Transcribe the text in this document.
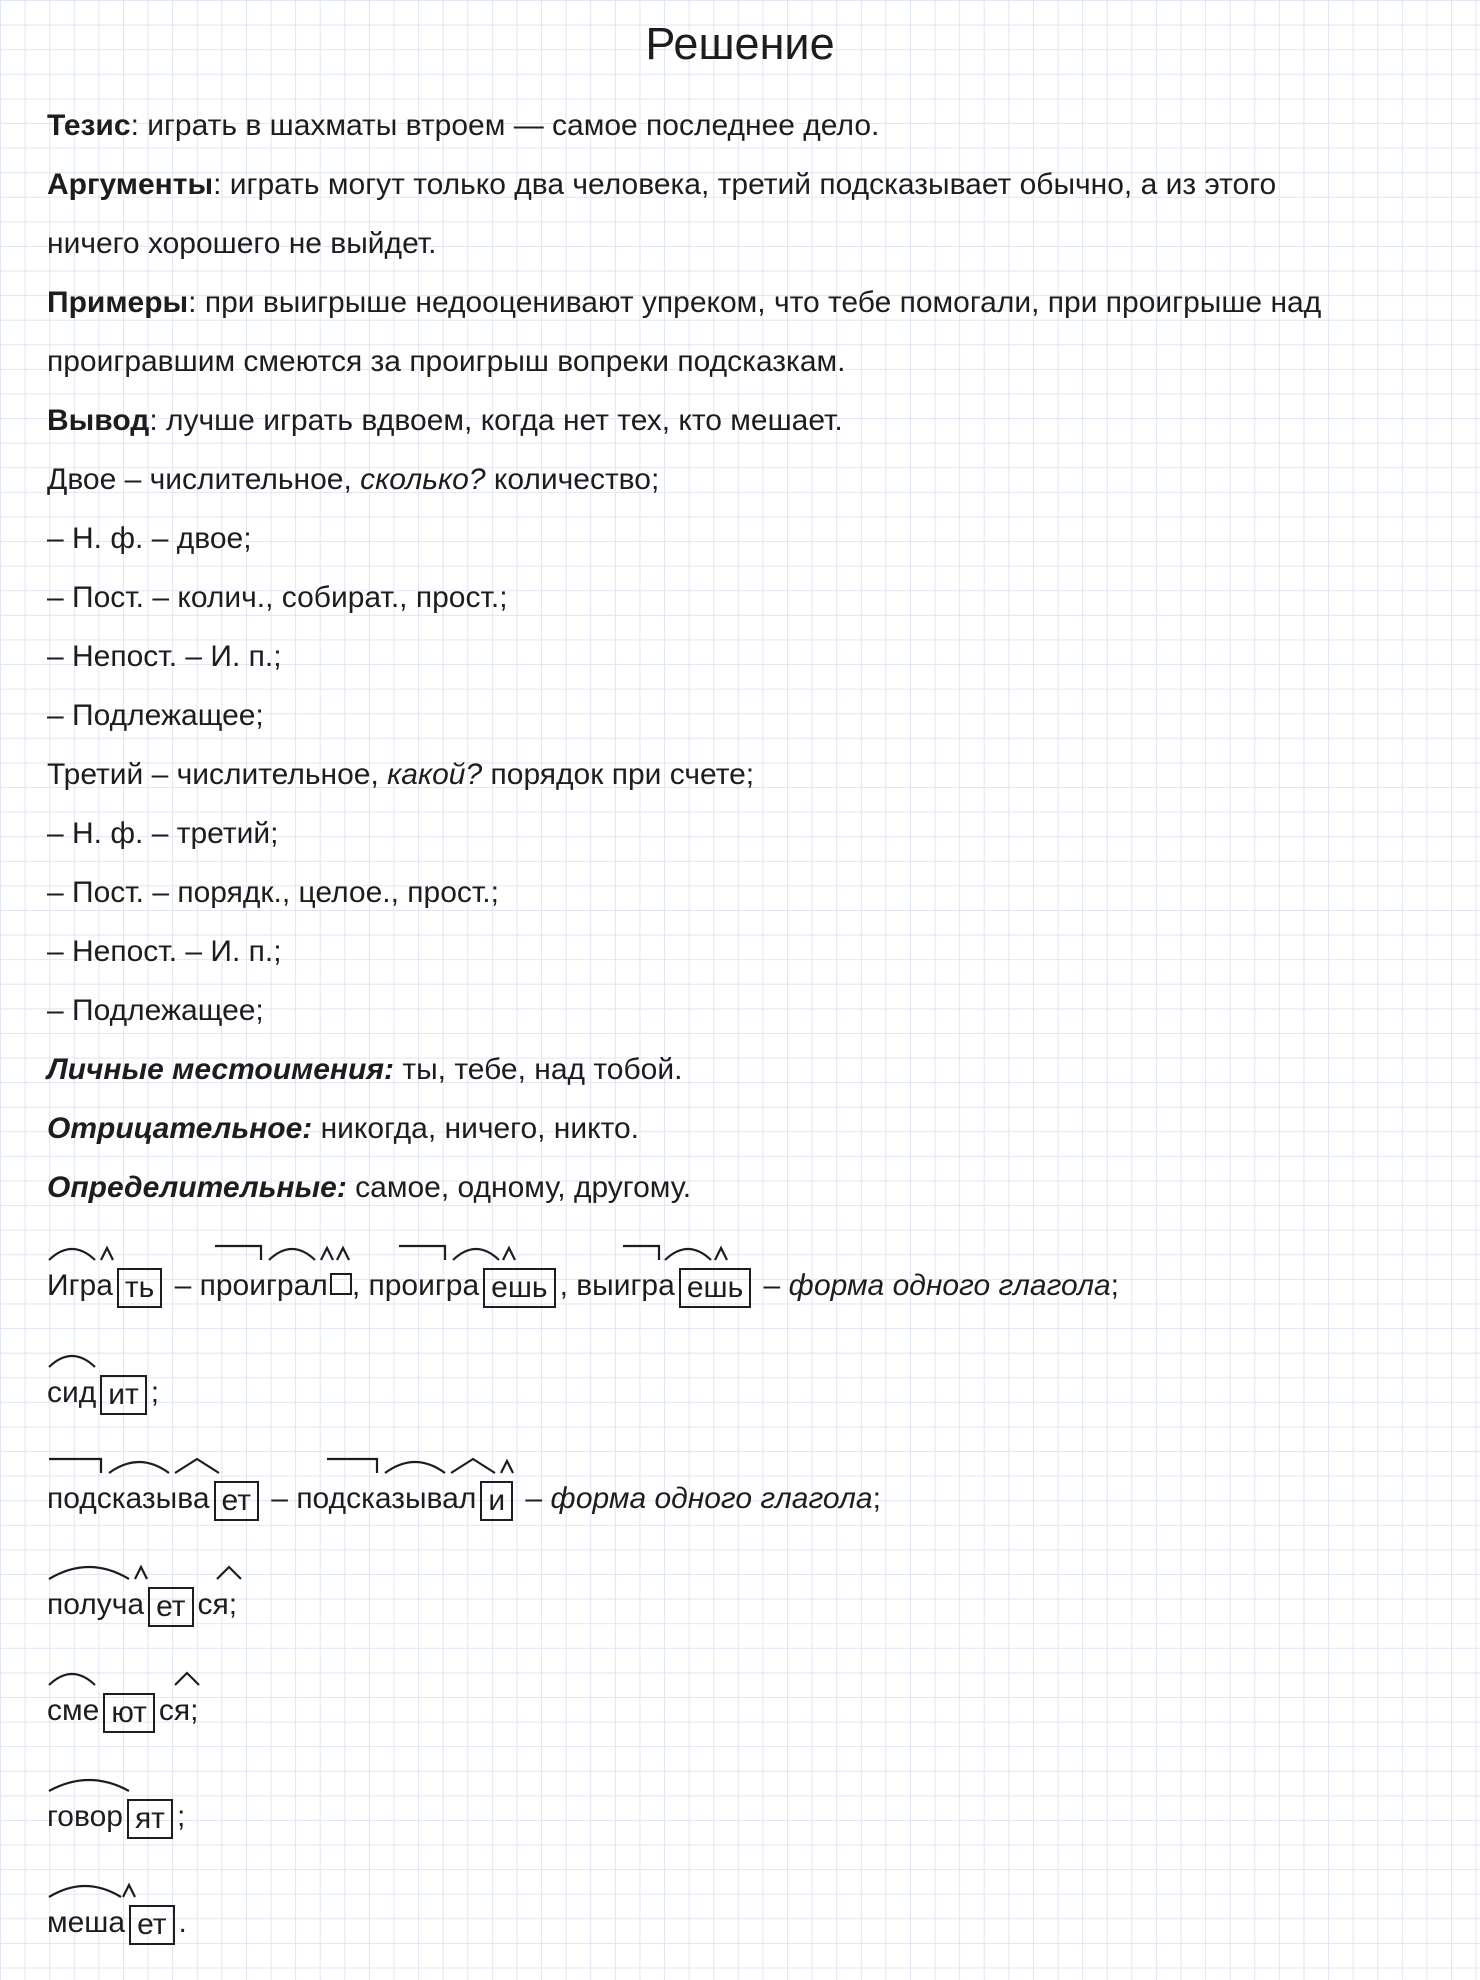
Решение
Тезис: играть в шахматы втроем — самое последнее дело.
Аргументы: играть могут только два человека, третий подсказывает обычно, а из этого
ничего хорошего не выйдет.
Примеры: при выигрыше недооценивают упреком, что тебе помогали, при проигрыше над
проигравшим смеются за проигрыш вопреки подсказкам.
Вывод: лучше играть вдвоем, когда нет тех, кто мешает.
Двое – числительное, сколько? количество;
– Н. ф. – двое;
– Пост. – колич., собират., прост.;
– Непост. – И. п.;
– Подлежащее;
Третий – числительное, какой? порядок при счете;
– Н. ф. – третий;
– Пост. – порядк., целое., прост.;
– Непост. – И. п.;
– Подлежащее;
Личные местоимения: ты, тебе, над тобой.
Отрицательное: никогда, ничего, никто.
Определительные: самое, одному, другому.
Игра ть – проиграл , проигра ешь , выигра ешь – форма одного глагола;
сид ит ;
подсказыва ет – подсказывал и – форма одного глагола;
получа ет ся;
сме ют ся;
говор ят ;
меша ет .
